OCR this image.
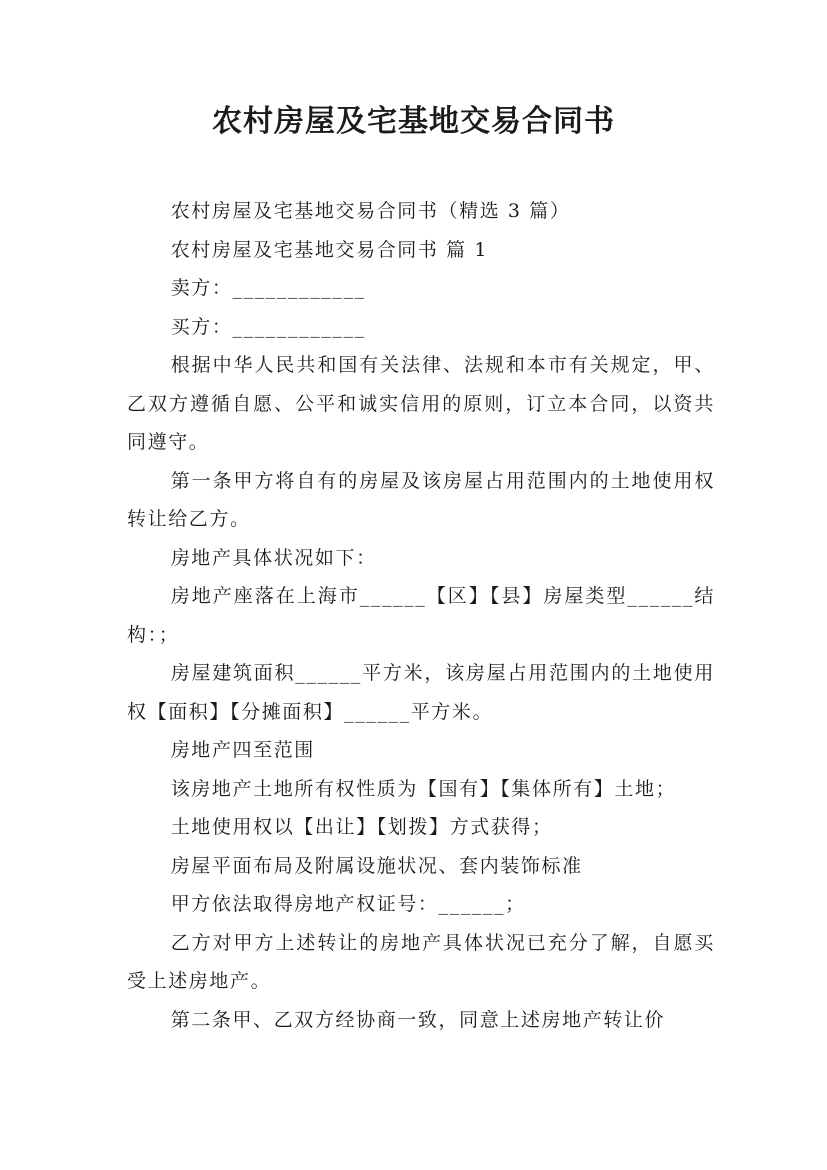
农村房屋及宅基地交易合同书

农村房屋及宅基地交易合同书（精选 3 篇）

农村房屋及宅基地交易合同书 篇 1

卖方：____________

买方：____________

根据中华人民共和国有关法律、法规和本市有关规定，甲、乙双方遵循自愿、公平和诚实信用的原则，订立本合同，以资共同遵守。

第一条甲方将自有的房屋及该房屋占用范围内的土地使用权转让给乙方。

房地产具体状况如下：

房地产座落在上海市______【区】【县】房屋类型______结构：；

房屋建筑面积______平方米，该房屋占用范围内的土地使用权【面积】【分摊面积】______平方米。

房地产四至范围

该房地产土地所有权性质为【国有】【集体所有】土地；

土地使用权以【出让】【划拨】方式获得；

房屋平面布局及附属设施状况、套内装饰标准

甲方依法取得房地产权证号：______；

乙方对甲方上述转让的房地产具体状况已充分了解，自愿买受上述房地产。

第二条甲、乙双方经协商一致，同意上述房地产转让价
